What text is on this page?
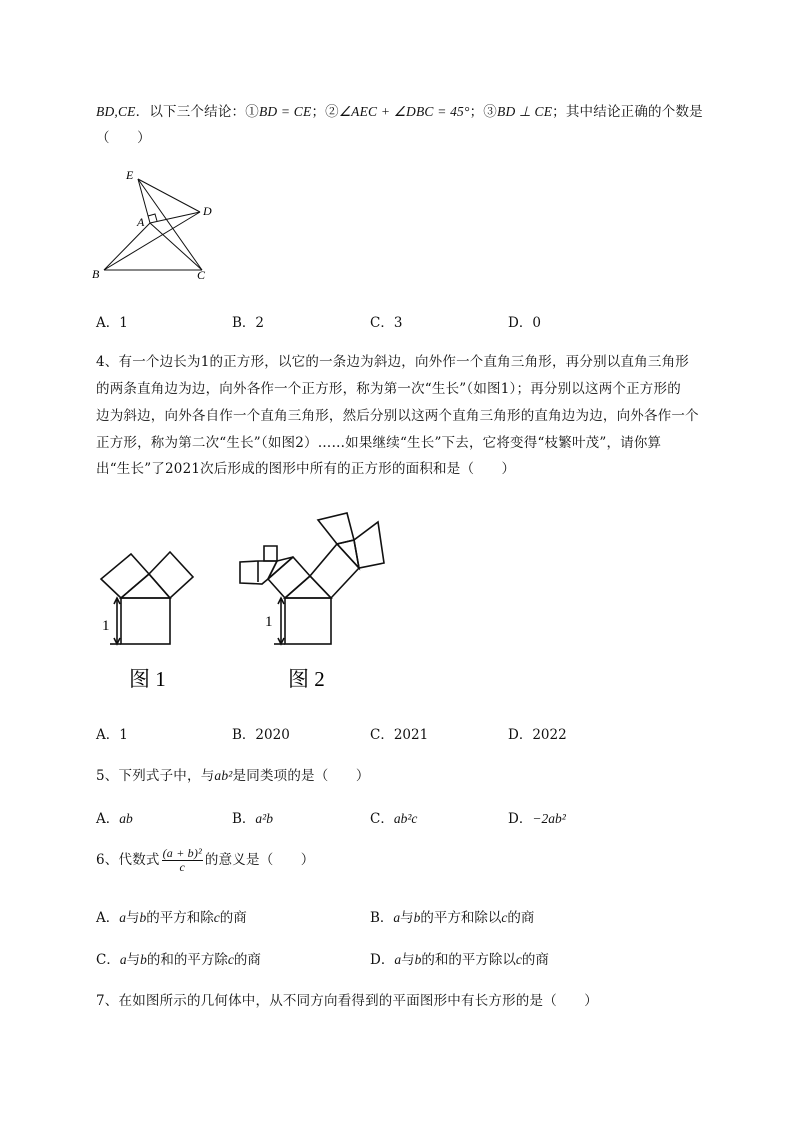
BD,CE．以下三个结论：①BD = CE；②∠AEC + ∠DBC = 45°；③BD ⊥ CE；其中结论正确的个数是
（　　）
E
A
D
B	C
A．1	B．2	C．3	D．0
4、有一个边长为1的正方形，以它的一条边为斜边，向外作一个直角三角形，再分别以直角三角形
的两条直角边为边，向外各作一个正方形，称为第一次“生长”（如图1）；再分别以这两个正方形的
边为斜边，向外各自作一个直角三角形，然后分别以这两个直角三角形的直角边为边，向外各作一个
正方形，称为第二次“生长”（如图2）……如果继续“生长”下去，它将变得“枝繁叶茂”，请你算
出“生长”了2021次后形成的图形中所有的正方形的面积和是（　　）
1
图 1
1
图 2
A．1	B．2020	C．2021	D．2022
5、下列式子中，与ab²是同类项的是（　　）
A．ab	B．a²b	C．ab²c	D．−2ab²
6、代数式 $\frac{\text{(a + b)²}}{c}$ 的意义是（　　）
A．a与b的平方和除c的商	B．a与b的平方和除以c的商
C．a与b的和的平方除c的商	D．a与b的和的平方除以c的商
7、在如图所示的几何体中，从不同方向看得到的平面图形中有长方形的是（　　）
